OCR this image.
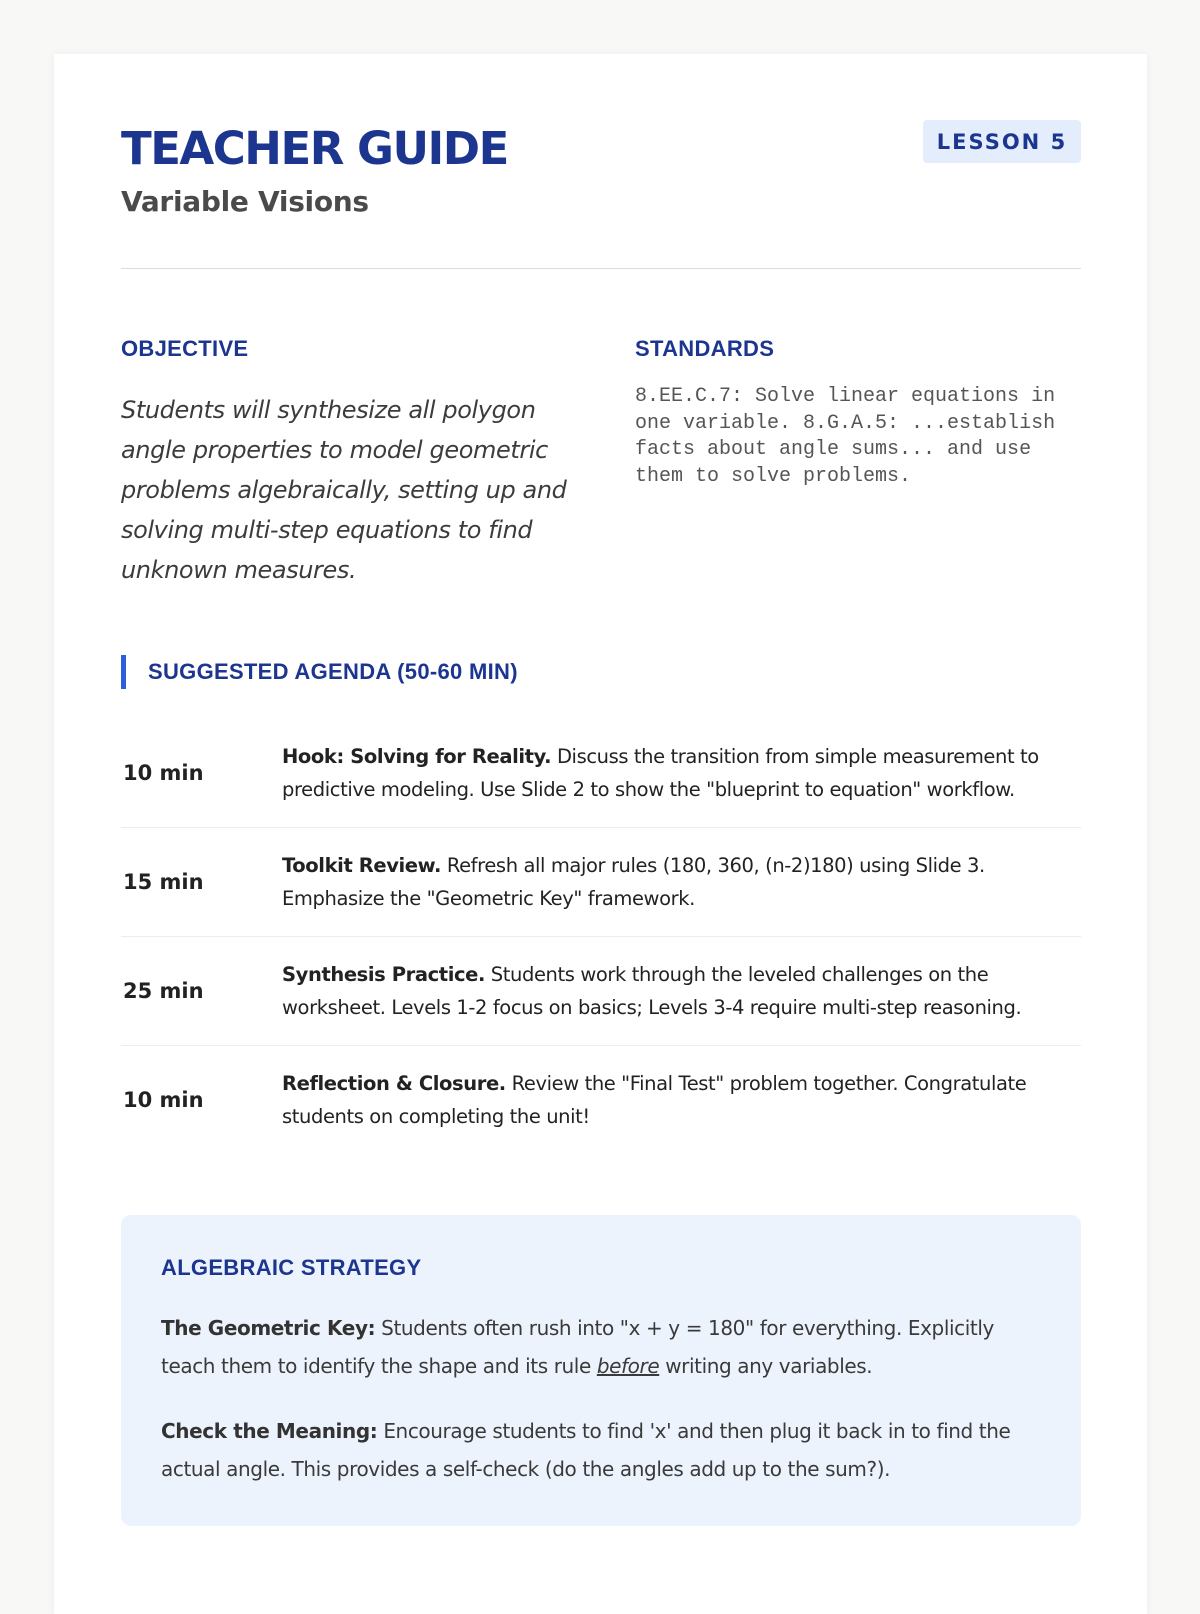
TEACHER GUIDE
Variable Visions
LESSON 5
OBJECTIVE
Students will synthesize all polygon angle properties to model geometric problems algebraically, setting up and solving multi-step equations to find unknown measures.
STANDARDS
8.EE.C.7: Solve linear equations in one variable. 8.G.A.5: ...establish facts about angle sums... and use them to solve problems.
SUGGESTED AGENDA (50-60 MIN)
10 min
Hook: Solving for Reality. Discuss the transition from simple measurement to predictive modeling. Use Slide 2 to show the "blueprint to equation" workflow.
15 min
Toolkit Review. Refresh all major rules (180, 360, (n-2)180) using Slide 3. Emphasize the "Geometric Key" framework.
25 min
Synthesis Practice. Students work through the leveled challenges on the worksheet. Levels 1-2 focus on basics; Levels 3-4 require multi-step reasoning.
10 min
Reflection & Closure. Review the "Final Test" problem together. Congratulate students on completing the unit!
ALGEBRAIC STRATEGY

The Geometric Key: Students often rush into "x + y = 180" for everything. Explicitly teach them to identify the shape and its rule before writing any variables.

Check the Meaning: Encourage students to find 'x' and then plug it back in to find the actual angle. This provides a self-check (do the angles add up to the sum?).
